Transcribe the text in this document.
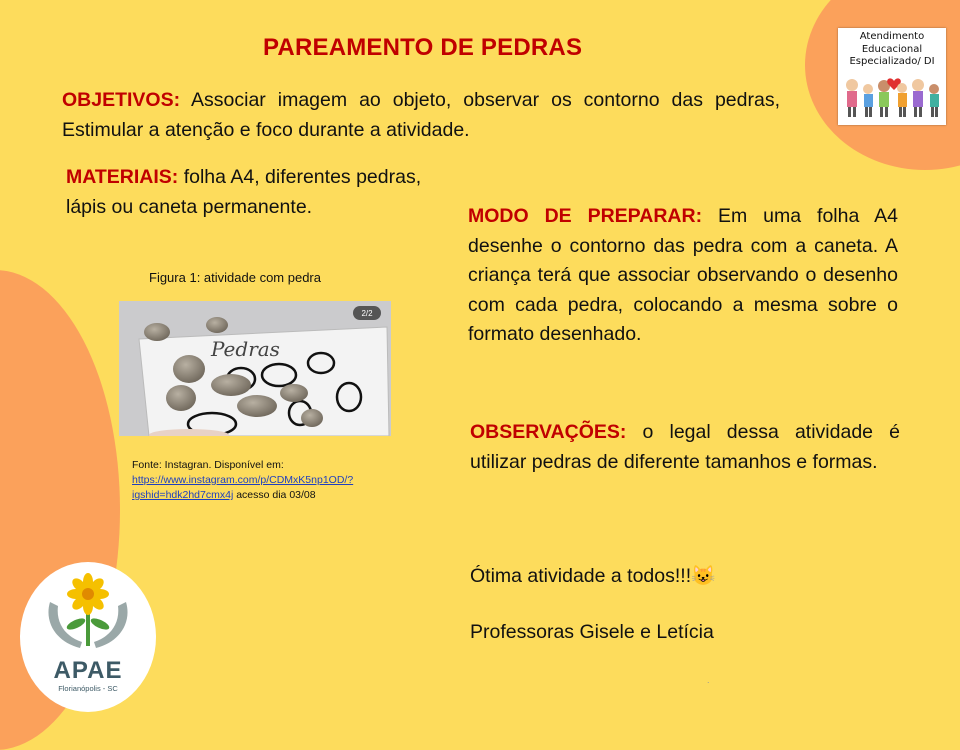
PAREAMENTO DE PEDRAS
OBJETIVOS: Associar imagem ao objeto, observar os contorno das pedras, Estimular a atenção e foco durante a atividade.
MATERIAIS: folha A4, diferentes pedras, lápis ou caneta permanente.	MODO DE PREPARAR: Em uma folha A4 desenhe o contorno das pedra com a caneta. A criança terá que associar observando o desenho com cada pedra, colocando a mesma sobre o formato desenhado.
OBSERVAÇÕES: o legal dessa atividade é utilizar pedras de diferente tamanhos e formas.
Ótima atividade a todos!!!😺
Professoras Gisele e Letícia
Figura 1: atividade com pedra
Pedras
2/2
Fonte: Instagran. Disponível em:
https://www.instagram.com/p/CDMxK5np1OD/?igshid=hdk2hd7cmx4j acesso dia 03/08
Atendimento
Educacional
Especializado/ DI
APAE
Florianópolis - SC
.
